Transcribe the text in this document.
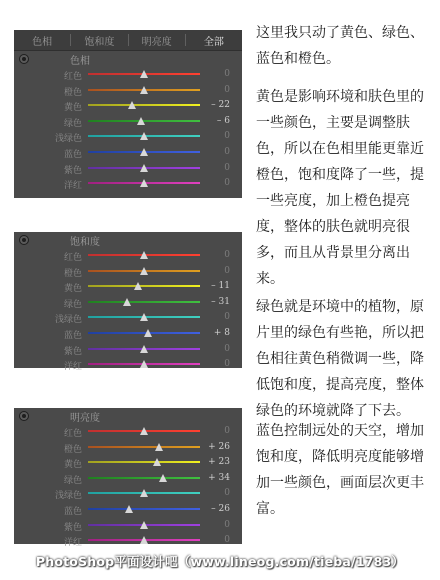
色相	饱和度	明亮度	全部
色相
红色	0
橙色	0
黄色	– 22
绿色	– 6
浅绿色	0
蓝色	0
紫色	0
洋红	0
饱和度
红色	0
橙色	0
黄色	– 11
绿色	– 31
浅绿色	0
蓝色	+ 8
紫色	0
洋红	0
明亮度
红色	0
橙色	+ 26
黄色	+ 23
绿色	+ 34
浅绿色	0
蓝色	– 26
紫色	0
洋红	0

这里我只动了黄色、绿色、蓝色和橙色。

黄色是影响环境和肤色里的一些颜色，主要是调整肤色，所以在色相里能更靠近橙色，饱和度降了一些，提一些亮度，加上橙色提亮度，整体的肤色就明亮很多，而且从背景里分离出来。

绿色就是环境中的植物，原片里的绿色有些艳，所以把色相往黄色稍微调一些，降低饱和度，提高亮度，整体绿色的环境就降了下去。

蓝色控制远处的天空，增加饱和度，降低明亮度能够增加一些颜色，画面层次更丰富。

PhotoShop平面设计吧（www.lineog.com/tieba/1783）
